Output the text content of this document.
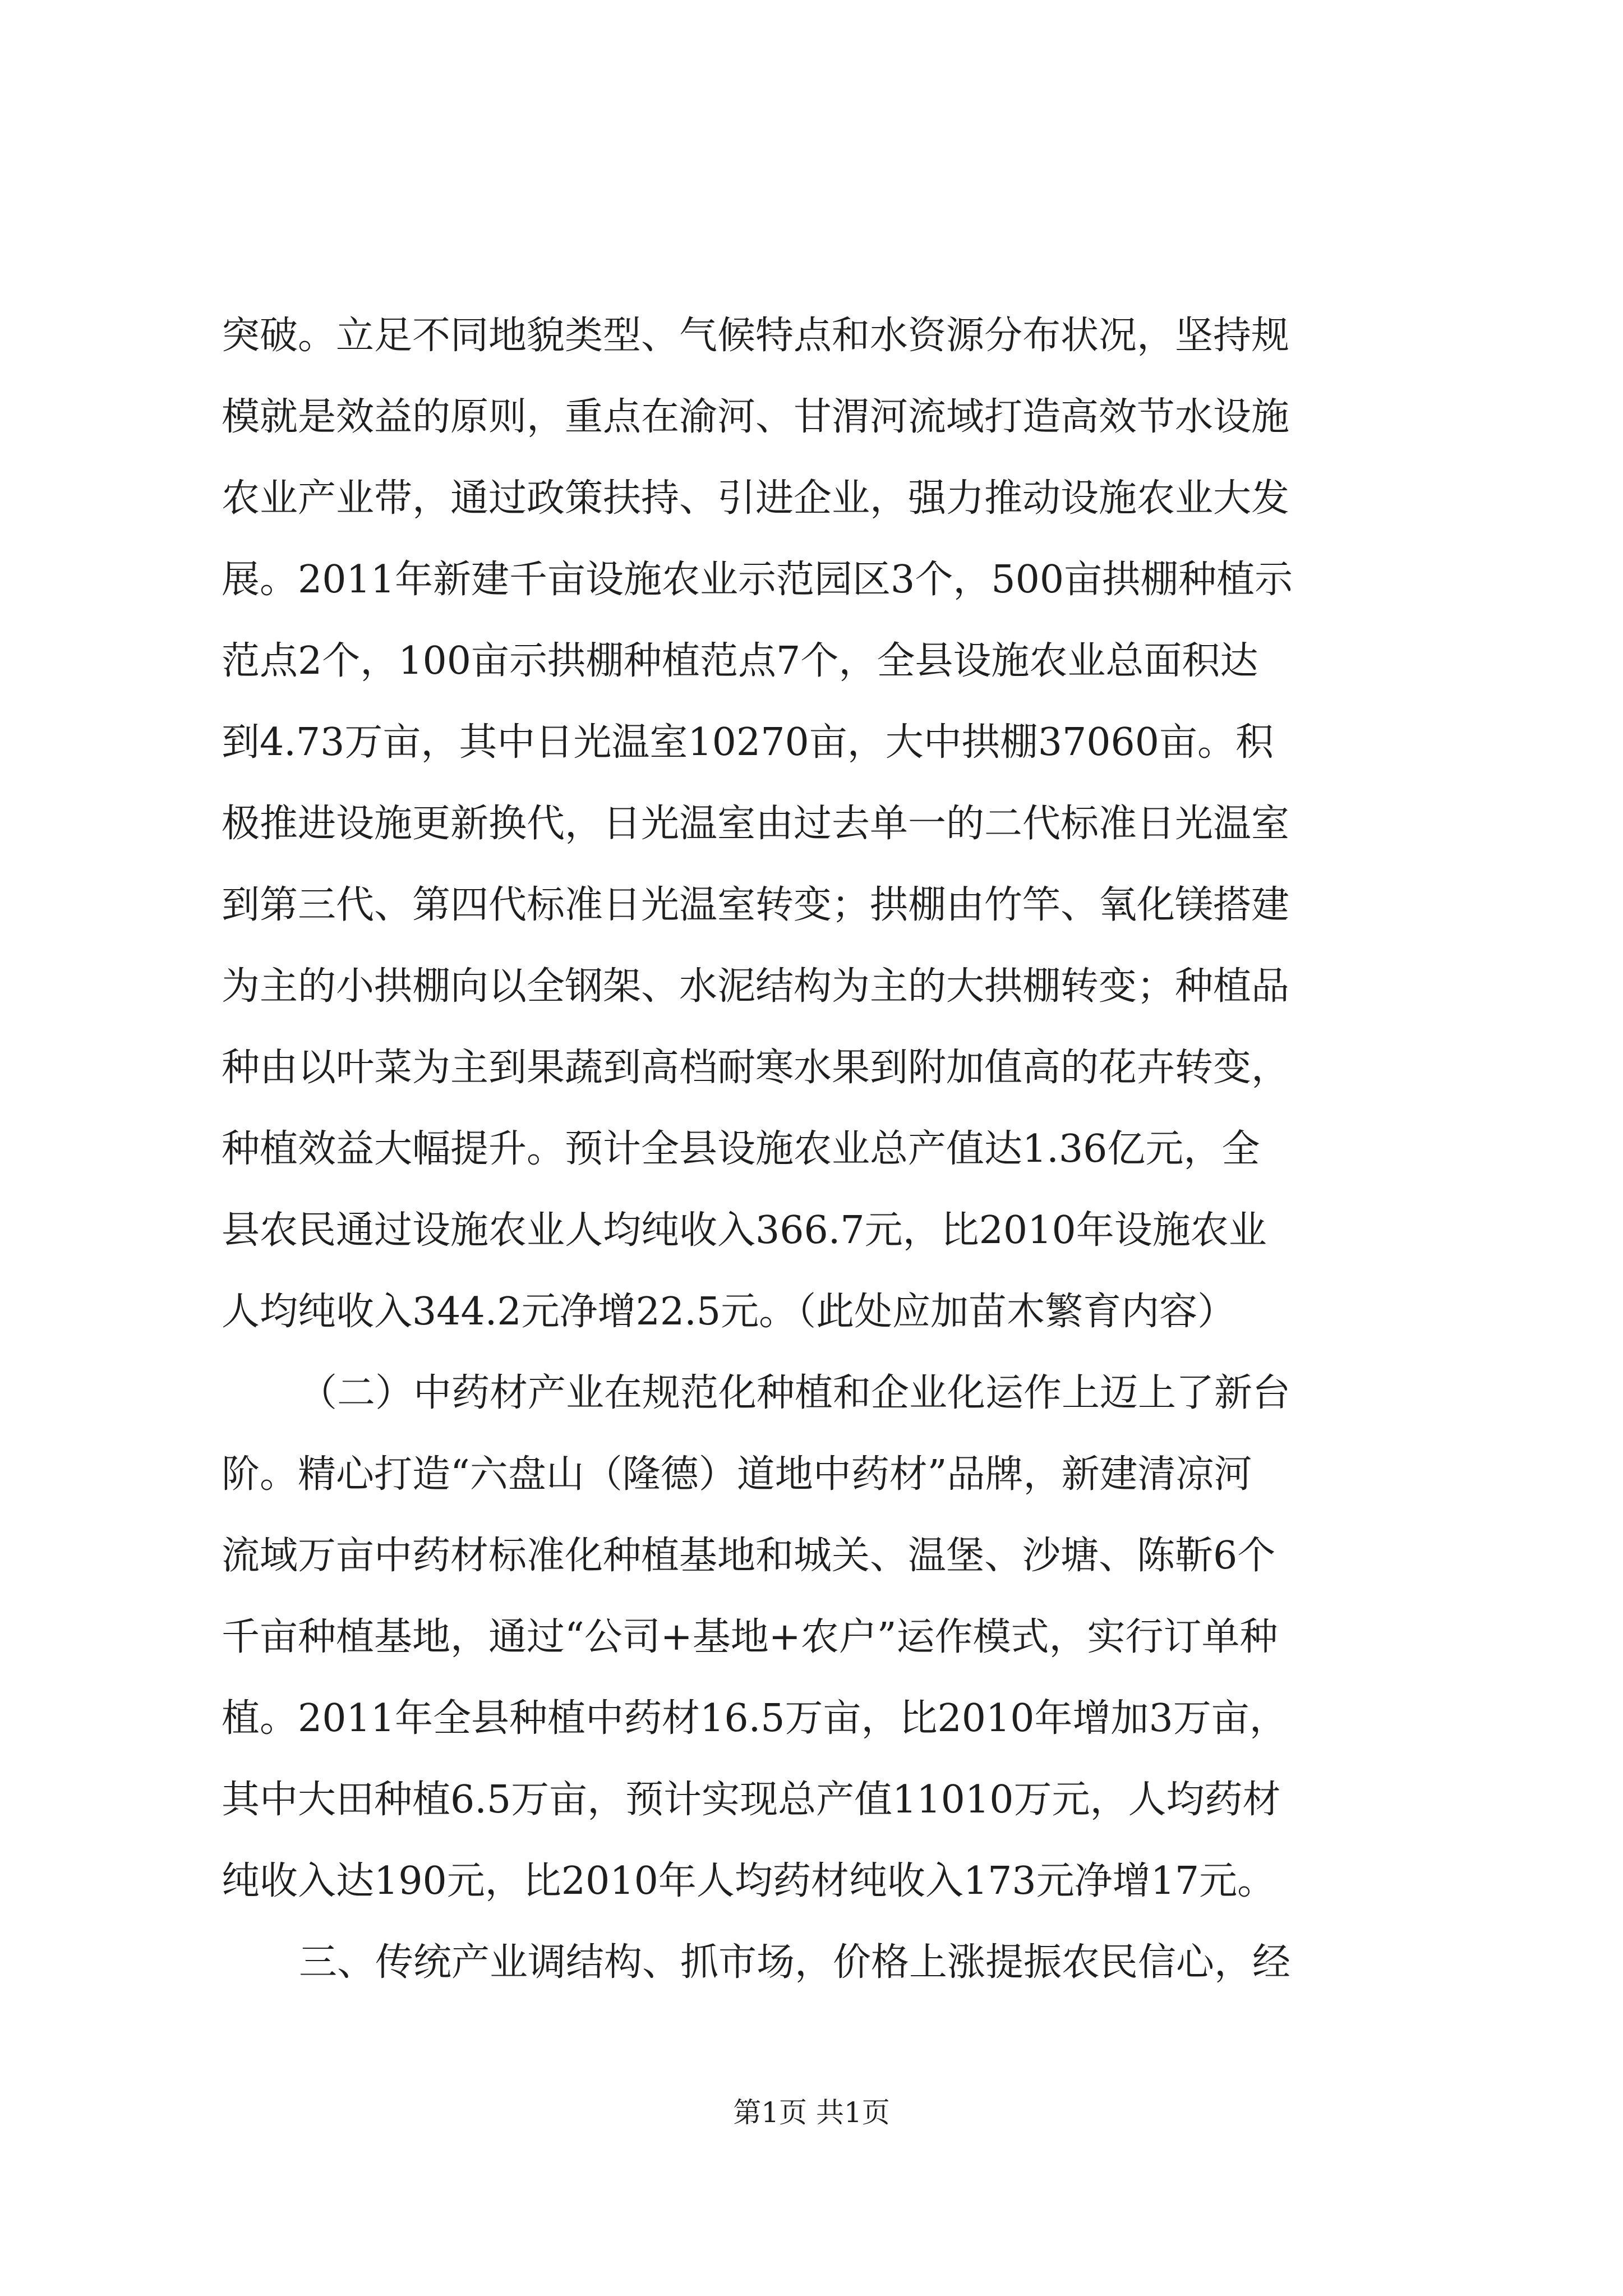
突破。立足不同地貌类型、气候特点和水资源分布状况，坚持规
模就是效益的原则，重点在渝河、甘渭河流域打造高效节水设施
农业产业带，通过政策扶持、引进企业，强力推动设施农业大发
展。2011年新建千亩设施农业示范园区3个，500亩拱棚种植示
范点2个，100亩示拱棚种植范点7个，全县设施农业总面积达
到4.73万亩，其中日光温室10270亩，大中拱棚37060亩。积
极推进设施更新换代，日光温室由过去单一的二代标准日光温室
到第三代、第四代标准日光温室转变；拱棚由竹竿、氧化镁搭建
为主的小拱棚向以全钢架、水泥结构为主的大拱棚转变；种植品
种由以叶菜为主到果蔬到高档耐寒水果到附加值高的花卉转变，
种植效益大幅提升。预计全县设施农业总产值达1.36亿元，全
县农民通过设施农业人均纯收入366.7元，比2010年设施农业
人均纯收入344.2元净增22.5元。（此处应加苗木繁育内容）
（二）中药材产业在规范化种植和企业化运作上迈上了新台
阶。精心打造“六盘山（隆德）道地中药材”品牌，新建清凉河
流域万亩中药材标准化种植基地和城关、温堡、沙塘、陈靳6个
千亩种植基地，通过“公司+基地+农户”运作模式，实行订单种
植。2011年全县种植中药材16.5万亩，比2010年增加3万亩，
其中大田种植6.5万亩，预计实现总产值11010万元，人均药材
纯收入达190元，比2010年人均药材纯收入173元净增17元。
三、传统产业调结构、抓市场，价格上涨提振农民信心，经
第1页 共1页
